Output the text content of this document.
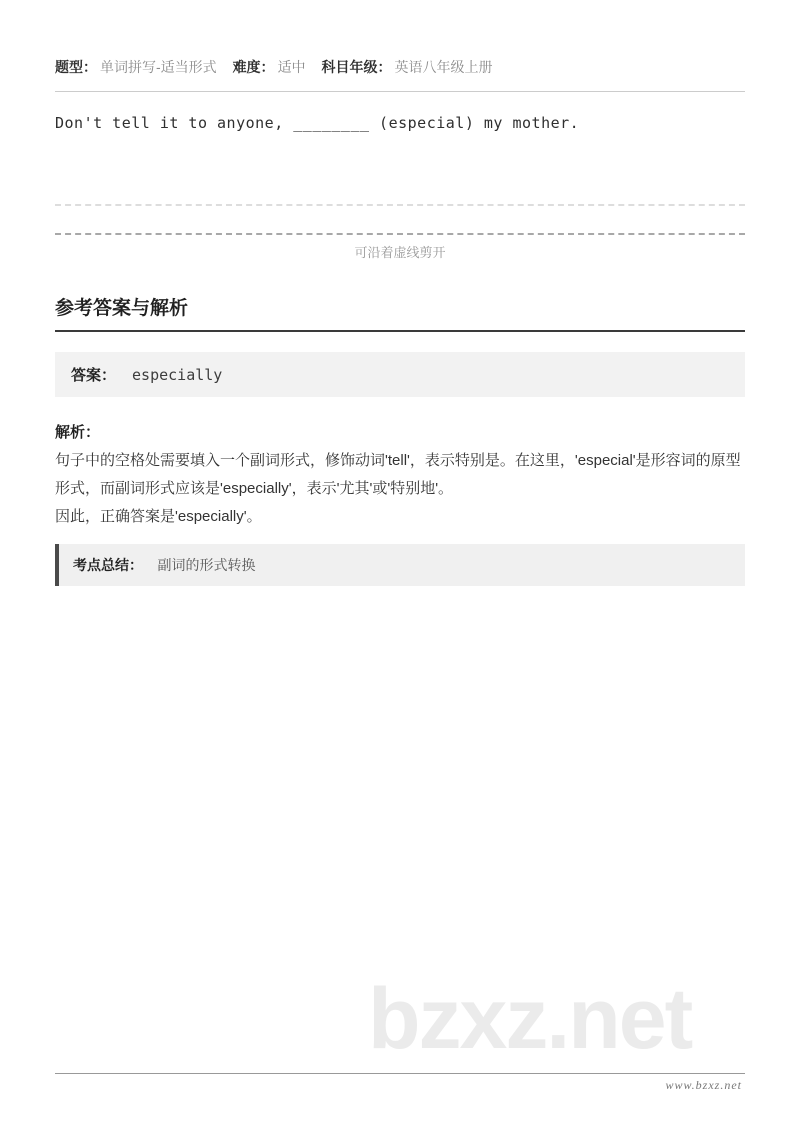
题型： 单词拼写-适当形式 难度： 适中 科目年级： 英语八年级上册
Don't tell it to anyone, ________ (especial) my mother.
可沿着虚线剪开
参考答案与解析
答案： especially
解析：
句子中的空格处需要填入一个副词形式，修饰动词'tell'，表示特别是。在这里，'especial'是形容词的原型形式，而副词形式应该是'especially'，表示'尤其'或'特别地'。
因此，正确答案是'especially'。
考点总结： 副词的形式转换
bzxz.net
www.bzxz.net
